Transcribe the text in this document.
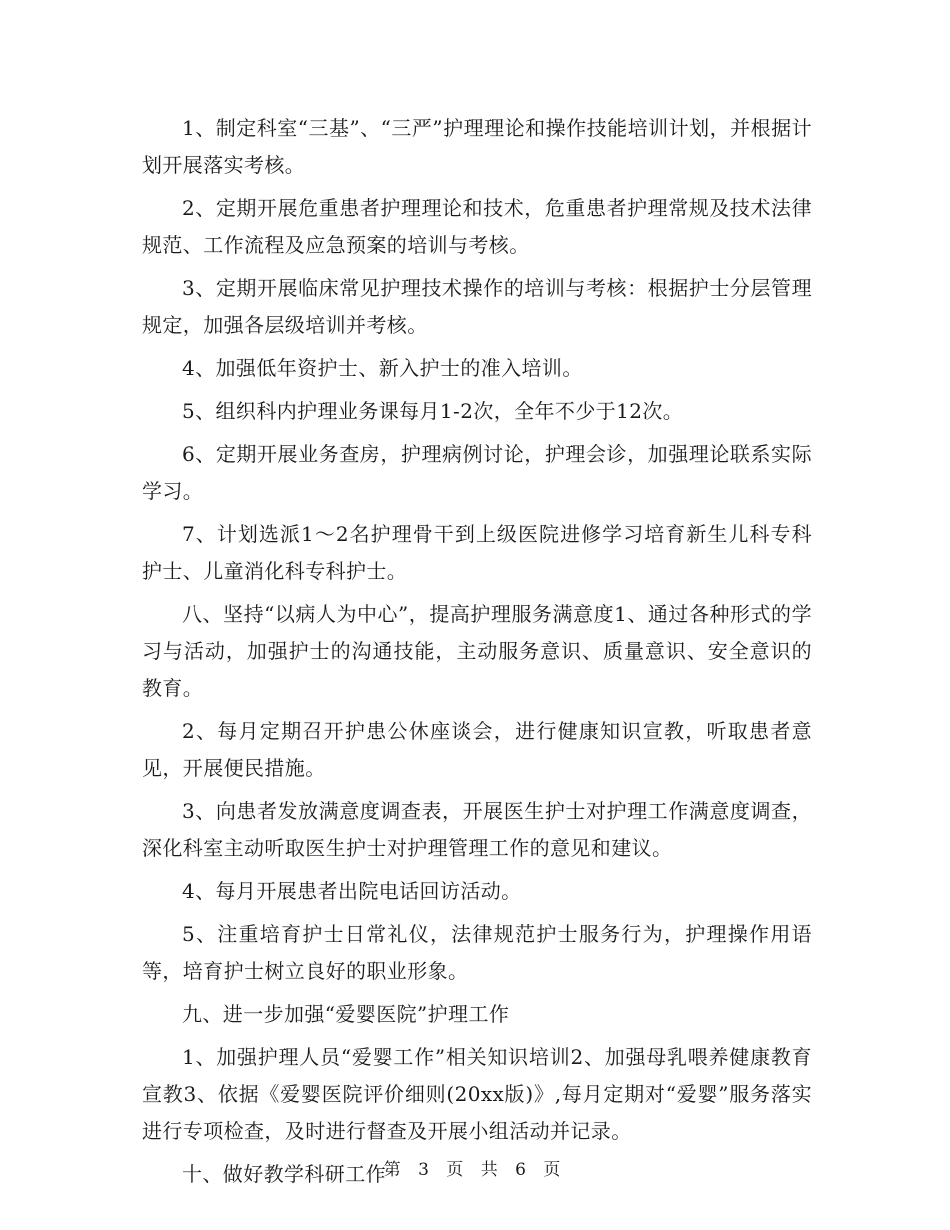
1、制定科室“三基”、“三严”护理理论和操作技能培训计划，并根据计划开展落实考核。

2、定期开展危重患者护理理论和技术，危重患者护理常规及技术法律规范、工作流程及应急预案的培训与考核。

3、定期开展临床常见护理技术操作的培训与考核：根据护士分层管理规定，加强各层级培训并考核。

4、加强低年资护士、新入护士的准入培训。

5、组织科内护理业务课每月1-2次，全年不少于12次。

6、定期开展业务查房，护理病例讨论，护理会诊，加强理论联系实际学习。

7、计划选派1～2名护理骨干到上级医院进修学习培育新生儿科专科护士、儿童消化科专科护士。

八、坚持“以病人为中心”，提高护理服务满意度1、通过各种形式的学习与活动，加强护士的沟通技能，主动服务意识、质量意识、安全意识的教育。

2、每月定期召开护患公休座谈会，进行健康知识宣教，听取患者意见，开展便民措施。

3、向患者发放满意度调查表，开展医生护士对护理工作满意度调查，深化科室主动听取医生护士对护理管理工作的意见和建议。

4、每月开展患者出院电话回访活动。

5、注重培育护士日常礼仪，法律规范护士服务行为，护理操作用语等，培育护士树立良好的职业形象。

九、进一步加强“爱婴医院”护理工作

1、加强护理人员“爱婴工作”相关知识培训2、加强母乳喂养健康教育宣教3、依据《爱婴医院评价细则(20xx版)》,每月定期对“爱婴”服务落实进行专项检查，及时进行督查及开展小组活动并记录。

十、做好教学科研工作

第 3 页 共 6 页
